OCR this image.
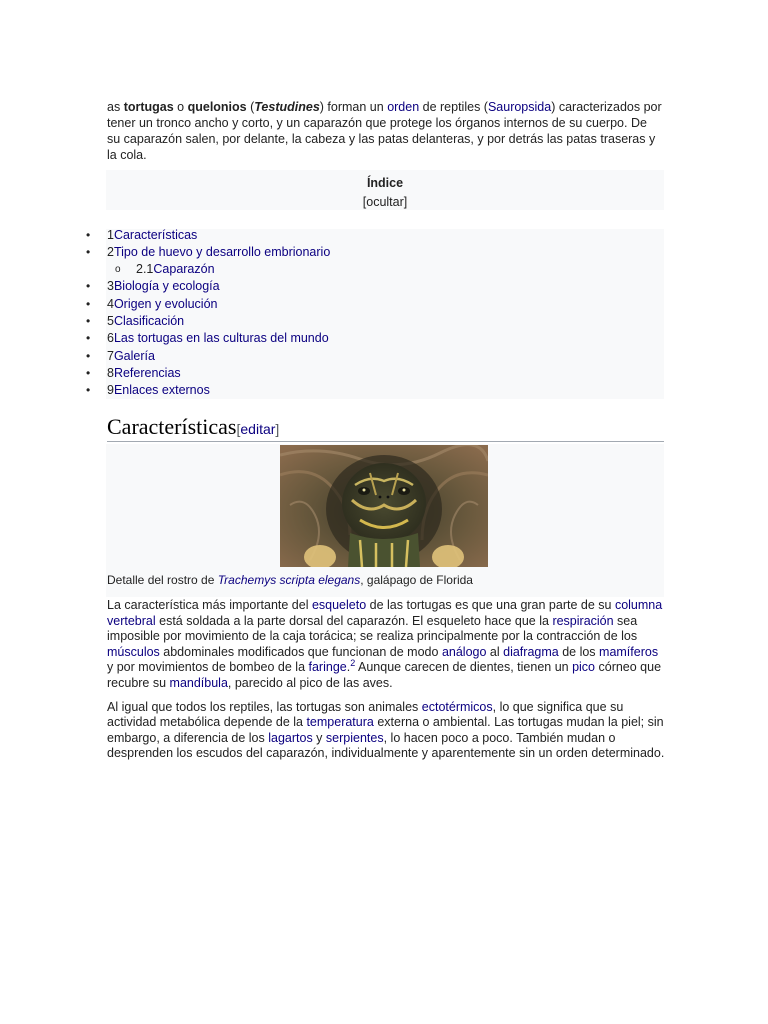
as tortugas o quelonios (Testudines) forman un orden de reptiles (Sauropsida) caracterizados por tener un tronco ancho y corto, y un caparazón que protege los órganos internos de su cuerpo. De su caparazón salen, por delante, la cabeza y las patas delanteras, y por detrás las patas traseras y la cola.

Índice
[ocultar]
• 1Características
• 2Tipo de huevo y desarrollo embrionario
o 2.1Caparazón
• 3Biología y ecología
• 4Origen y evolución
• 5Clasificación
• 6Las tortugas en las culturas del mundo
• 7Galería
• 8Referencias
• 9Enlaces externos
Características[editar]
Detalle del rostro de Trachemys scripta elegans, galápago de Florida

La característica más importante del esqueleto de las tortugas es que una gran parte de su columna vertebral está soldada a la parte dorsal del caparazón. El esqueleto hace que la respiración sea imposible por movimiento de la caja torácica; se realiza principalmente por la contracción de los músculos abdominales modificados que funcionan de modo análogo al diafragma de los mamíferos y por movimientos de bombeo de la faringe.$^2$ Aunque carecen de dientes, tienen un pico córneo que recubre su mandíbula, parecido al pico de las aves.

Al igual que todos los reptiles, las tortugas son animales ectotérmicos, lo que significa que su actividad metabólica depende de la temperatura externa o ambiental. Las tortugas mudan la piel; sin embargo, a diferencia de los lagartos y serpientes, lo hacen poco a poco. También mudan o desprenden los escudos del caparazón, individualmente y aparentemente sin un orden determinado.
